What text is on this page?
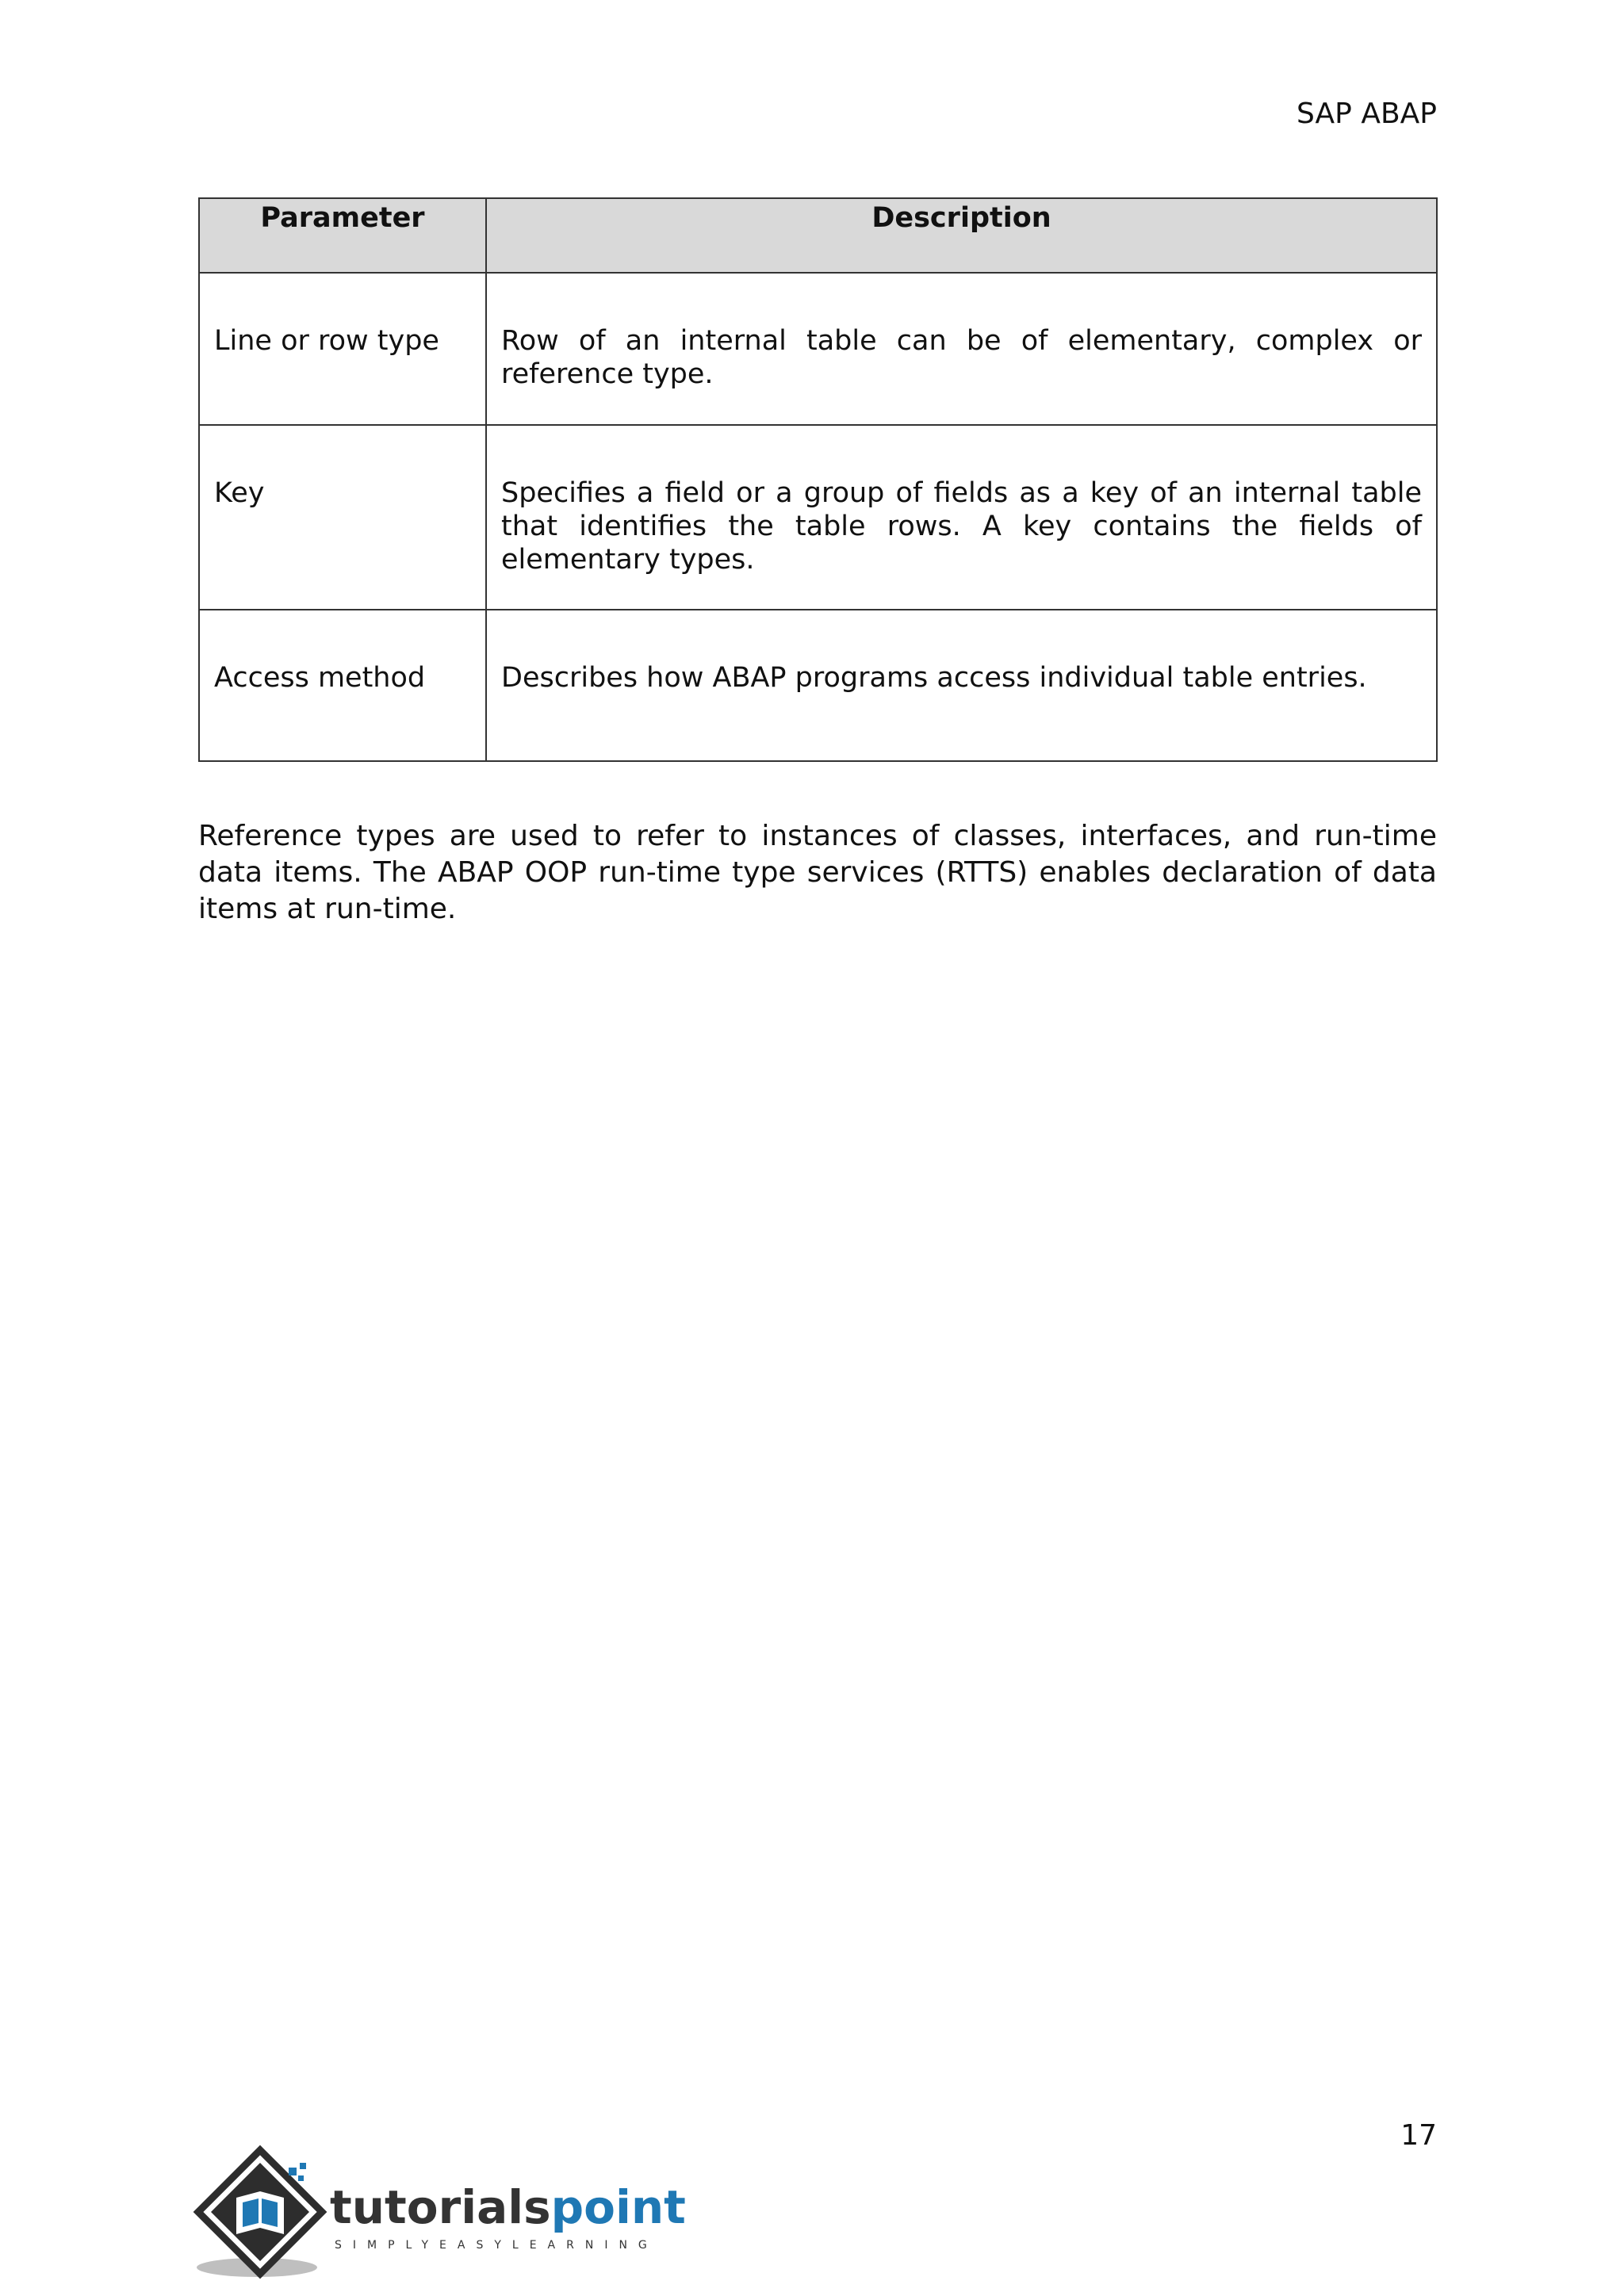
SAP ABAP
Parameter	Description

Line or row type	Row of an internal table can be of elementary, complex or reference type.

Key	Specifies a field or a group of fields as a key of an internal table that identifies the table rows. A key contains the fields of elementary types.

Access method	Describes how ABAP programs access individual table entries.

Reference types are used to refer to instances of classes, interfaces, and run-time data items. The ABAP OOP run-time type services (RTTS) enables declaration of data items at run-time.

17
tutorialspoint
SIMPLYEASYLEARNING
